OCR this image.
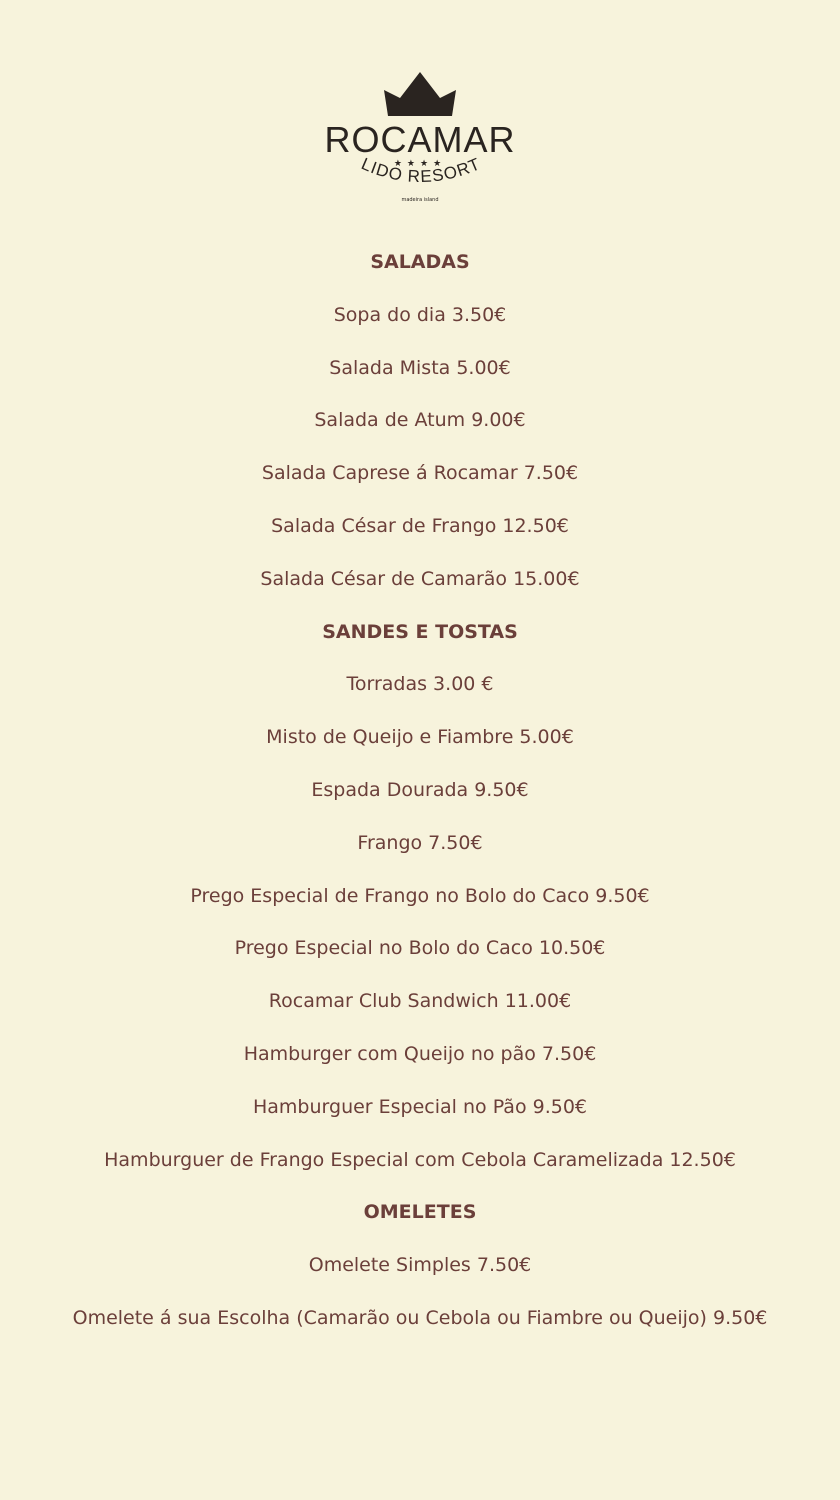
ROCAMAR
★★★★
LIDO RESORT
madeira island
SALADAS
Sopa do dia 3.50€
Salada Mista 5.00€
Salada de Atum 9.00€
Salada Caprese á Rocamar 7.50€
Salada César de Frango 12.50€
Salada César de Camarão 15.00€
SANDES E TOSTAS
Torradas 3.00 €
Misto de Queijo e Fiambre 5.00€
Espada Dourada 9.50€
Frango 7.50€
Prego Especial de Frango no Bolo do Caco 9.50€
Prego Especial no Bolo do Caco 10.50€
Rocamar Club Sandwich 11.00€
Hamburger com Queijo no pão 7.50€
Hamburguer Especial no Pão 9.50€
Hamburguer de Frango Especial com Cebola Caramelizada 12.50€
OMELETES
Omelete Simples 7.50€
Omelete á sua Escolha (Camarão ou Cebola ou Fiambre ou Queijo) 9.50€
